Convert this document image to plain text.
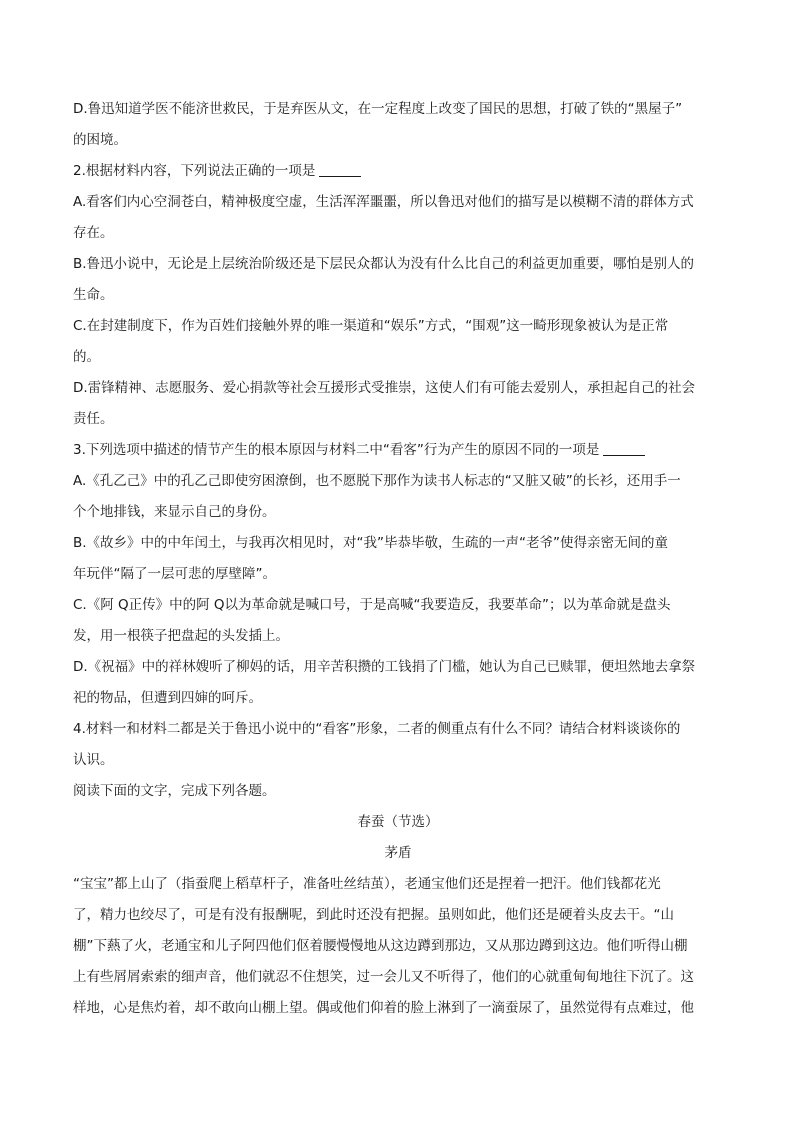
D.鲁迅知道学医不能济世救民，于是弃医从文，在一定程度上改变了国民的思想，打破了铁的“黑屋子”
的困境。
2.根据材料内容，下列说法正确的一项是
A.看客们内心空洞苍白，精神极度空虚，生活浑浑噩噩，所以鲁迅对他们的描写是以模糊不清的群体方式
存在。
B.鲁迅小说中，无论是上层统治阶级还是下层民众都认为没有什么比自己的利益更加重要，哪怕是别人的
生命。
C.在封建制度下，作为百姓们接触外界的唯一渠道和“娱乐”方式，“围观”这一畸形现象被认为是正常
的。
D.雷锋精神、志愿服务、爱心捐款等社会互援形式受推崇，这使人们有可能去爱别人，承担起自己的社会
责任。
3.下列选项中描述的情节产生的根本原因与材料二中“看客”行为产生的原因不同的一项是
A.《孔乙己》中的孔乙己即使穷困潦倒，也不愿脱下那作为读书人标志的“又脏又破”的长衫，还用手一
个个地排钱，来显示自己的身份。
B.《故乡》中的中年闰土，与我再次相见时，对“我”毕恭毕敬，生疏的一声“老爷”使得亲密无间的童
年玩伴“隔了一层可悲的厚壁障”。
C.《阿 Q正传》中的阿 Q以为革命就是喊口号，于是高喊“我要造反，我要革命”；以为革命就是盘头
发，用一根筷子把盘起的头发插上。
D.《祝福》中的祥林嫂听了柳妈的话，用辛苦积攒的工钱捐了门槛，她认为自己已赎罪，便坦然地去拿祭
祀的物品，但遭到四婶的呵斥。
4.材料一和材料二都是关于鲁迅小说中的“看客”形象，二者的侧重点有什么不同？请结合材料谈谈你的
认识。
阅读下面的文字，完成下列各题。
春蚕（节选）
茅盾
“宝宝”都上山了（指蚕爬上稻草杆子，准备吐丝结茧），老通宝他们还是捏着一把汗。他们钱都花光
了，精力也绞尽了，可是有没有报酬呢，到此时还没有把握。虽则如此，他们还是硬着头皮去干。“山
棚”下爇了火，老通宝和儿子阿四他们伛着腰慢慢地从这边蹲到那边，又从那边蹲到这边。他们听得山棚
上有些屑屑索索的细声音，他们就忍不住想笑，过一会儿又不听得了，他们的心就重甸甸地往下沉了。这
样地，心是焦灼着，却不敢向山棚上望。偶或他们仰着的脸上淋到了一滴蚕尿了，虽然觉得有点难过，他
